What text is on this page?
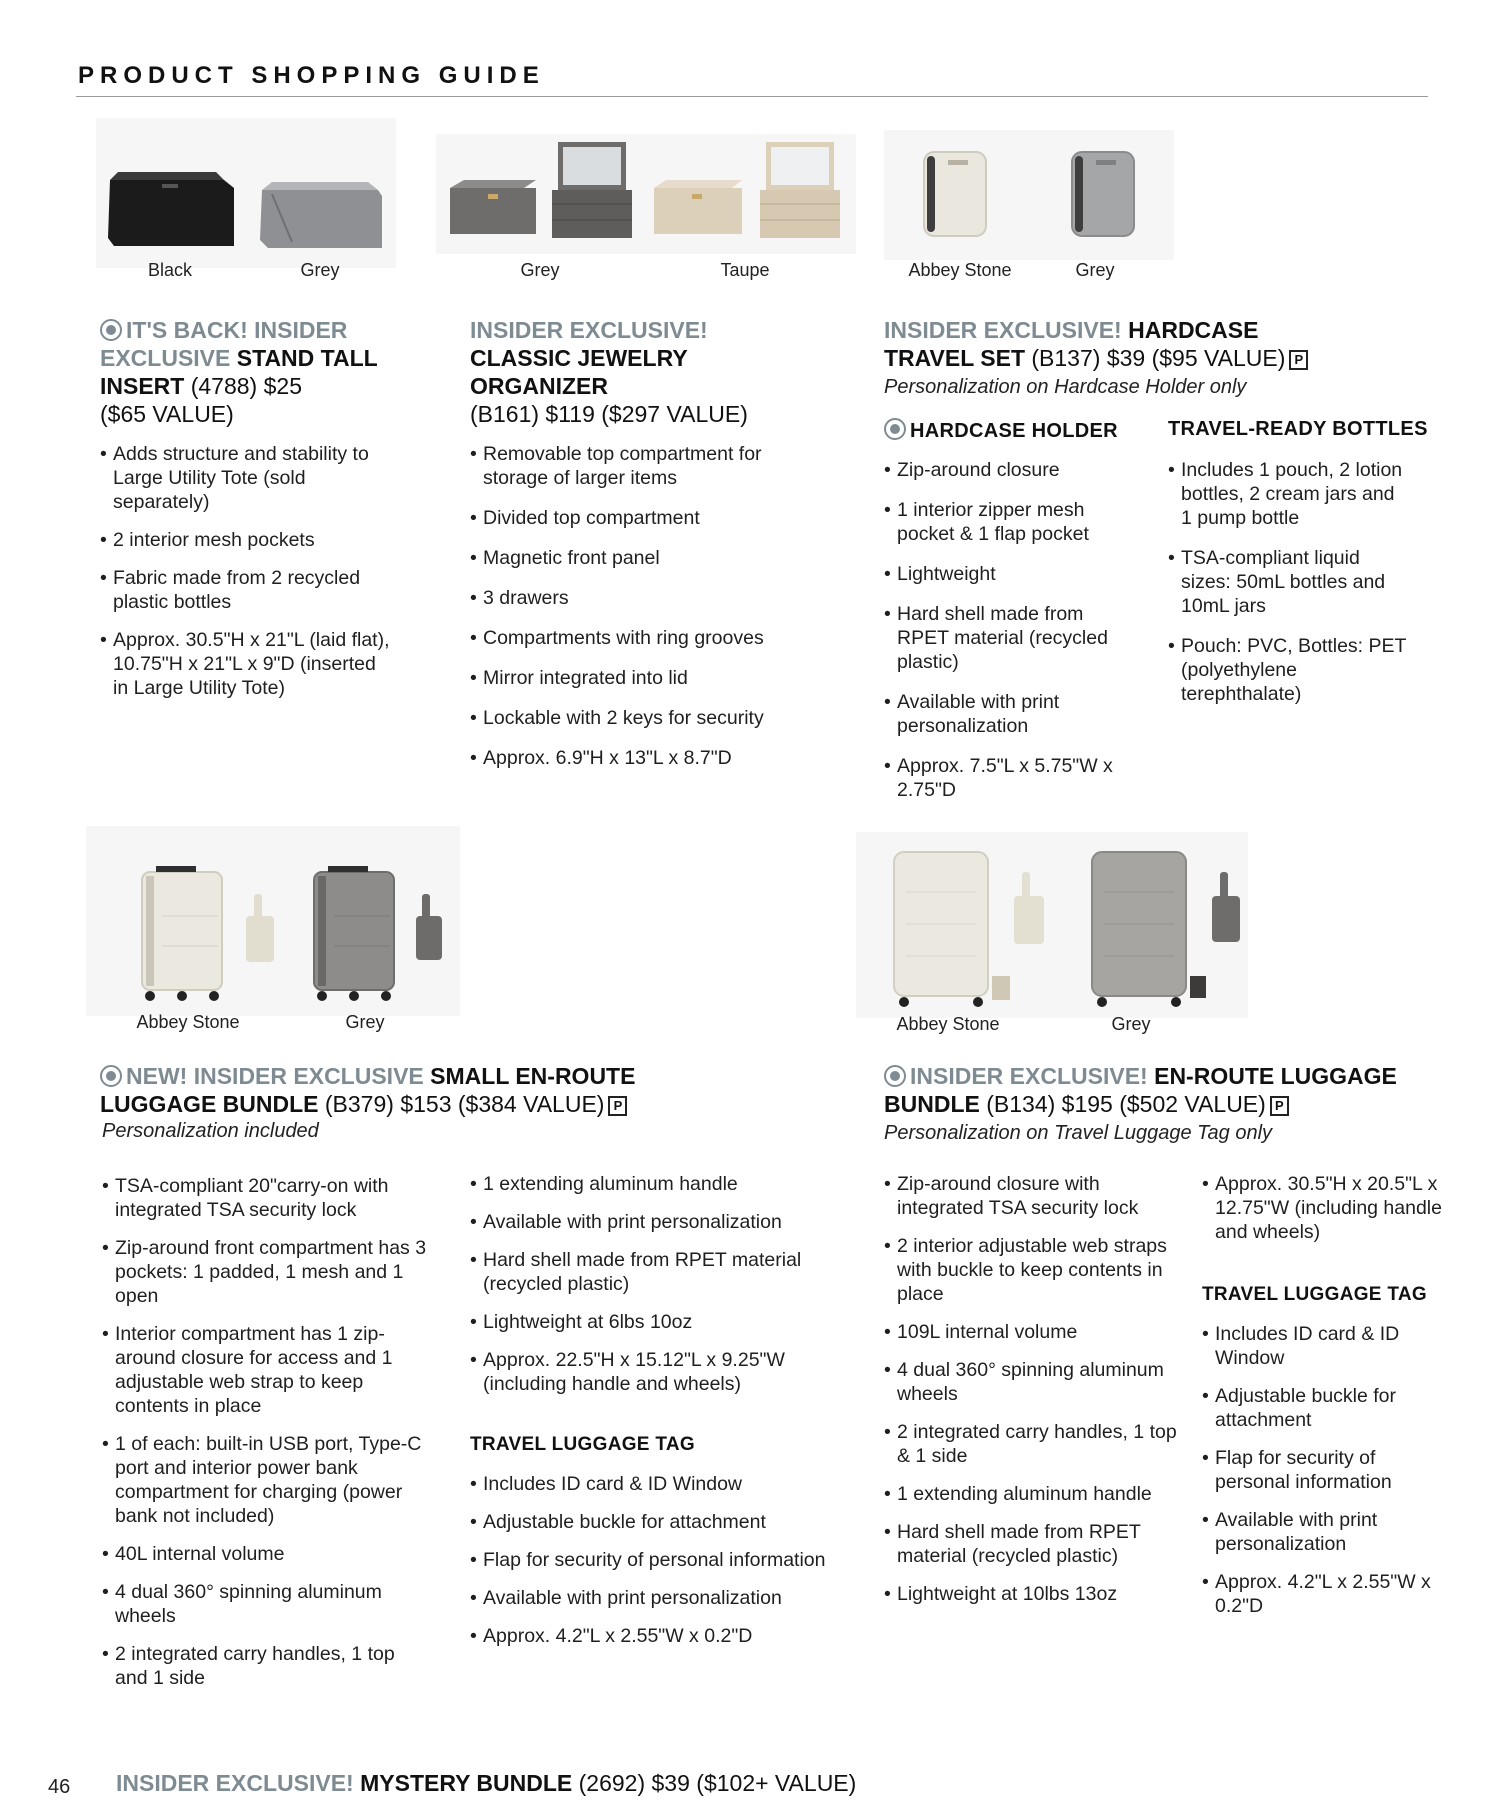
PRODUCT SHOPPING GUIDE
Black	Grey
IT'S BACK! INSIDER
EXCLUSIVE STAND TALL
INSERT (4788) $25
($65 VALUE)
• Adds structure and stability to Large Utility Tote (sold separately)
• 2 interior mesh pockets
• Fabric made from 2 recycled plastic bottles
• Approx. 30.5"H x 21"L (laid flat), 10.75"H x 21"L x 9"D (inserted in Large Utility Tote)
Grey	Taupe
INSIDER EXCLUSIVE!
CLASSIC JEWELRY
ORGANIZER
(B161) $119 ($297 VALUE)
• Removable top compartment for storage of larger items
• Divided top compartment
• Magnetic front panel
• 3 drawers
• Compartments with ring grooves
• Mirror integrated into lid
• Lockable with 2 keys for security
• Approx. 6.9"H x 13"L x 8.7"D
Abbey Stone	Grey
INSIDER EXCLUSIVE! HARDCASE
TRAVEL SET (B137) $39 ($95 VALUE) P
Personalization on Hardcase Holder only
HARDCASE HOLDER
• Zip-around closure
• 1 interior zipper mesh pocket & 1 flap pocket
• Lightweight
• Hard shell made from RPET material (recycled plastic)
• Available with print personalization
• Approx. 7.5"L x 5.75"W x 2.75"D
TRAVEL-READY BOTTLES
• Includes 1 pouch, 2 lotion bottles, 2 cream jars and 1 pump bottle
• TSA-compliant liquid sizes: 50mL bottles and 10mL jars
• Pouch: PVC, Bottles: PET (polyethylene terephthalate)
Abbey Stone	Grey
NEW! INSIDER EXCLUSIVE SMALL EN-ROUTE
LUGGAGE BUNDLE (B379) $153 ($384 VALUE) P
Personalization included
• TSA-compliant 20"carry-on with integrated TSA security lock
• Zip-around front compartment has 3 pockets: 1 padded, 1 mesh and 1 open
• Interior compartment has 1 zip-around closure for access and 1 adjustable web strap to keep contents in place
• 1 of each: built-in USB port, Type-C port and interior power bank compartment for charging (power bank not included)
• 40L internal volume
• 4 dual 360° spinning aluminum wheels
• 2 integrated carry handles, 1 top and 1 side
• 1 extending aluminum handle
• Available with print personalization
• Hard shell made from RPET material (recycled plastic)
• Lightweight at 6lbs 10oz
• Approx. 22.5"H x 15.12"L x 9.25"W (including handle and wheels)
TRAVEL LUGGAGE TAG
• Includes ID card & ID Window
• Adjustable buckle for attachment
• Flap for security of personal information
• Available with print personalization
• Approx. 4.2"L x 2.55"W x 0.2"D
Abbey Stone	Grey
INSIDER EXCLUSIVE! EN-ROUTE LUGGAGE
BUNDLE (B134) $195 ($502 VALUE) P
Personalization on Travel Luggage Tag only
• Zip-around closure with integrated TSA security lock
• 2 interior adjustable web straps with buckle to keep contents in place
• 109L internal volume
• 4 dual 360° spinning aluminum wheels
• 2 integrated carry handles, 1 top & 1 side
• 1 extending aluminum handle
• Hard shell made from RPET material (recycled plastic)
• Lightweight at 10lbs 13oz
• Approx. 30.5"H x 20.5"L x 12.75"W (including handle and wheels)
TRAVEL LUGGAGE TAG
• Includes ID card & ID Window
• Adjustable buckle for attachment
• Flap for security of personal information
• Available with print personalization
• Approx. 4.2"L x 2.55"W x 0.2"D
46 INSIDER EXCLUSIVE! MYSTERY BUNDLE (2692) $39 ($102+ VALUE)
